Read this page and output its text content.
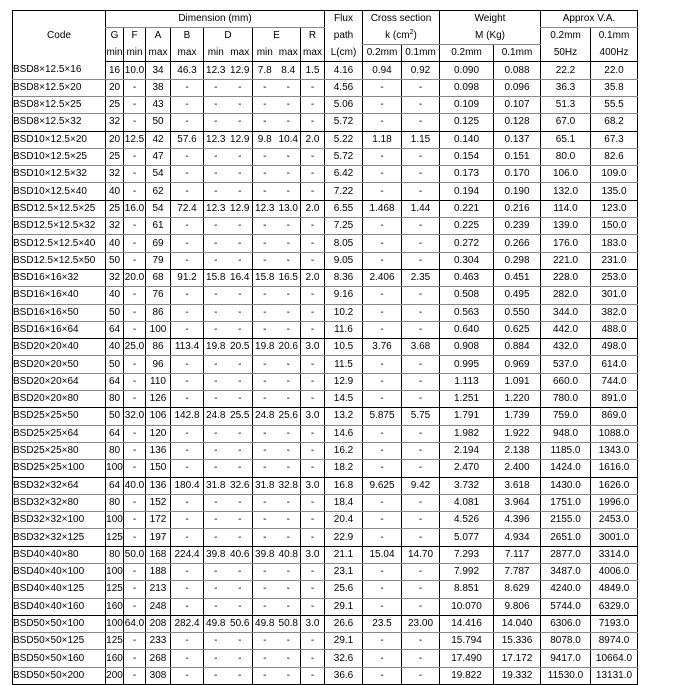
Code	Dimension (mm)									Flux	Cross section		Weight		Approx V.A.	
	G	F	A	B	D		E		R	path	k $(cm^2)$		M (Kg)		0.2mm	0.1mm
	min	min	max	max	min	max	min	max	max	L(cm)	0.2mm	0.1mm	0.2mm	0.1mm	50Hz	400Hz
BSD8×12.5×16	16	10.0	34	46.3	12.3	12.9	7.8	8.4	1.5	4.16	0.94	0.92	0.090	0.088	22.2	22.0
BSD8×12.5×20	20	-	38	-	-	-	-	-	-	4.56	-	-	0.098	0.096	36.3	35.8
BSD8×12.5×25	25	-	43	-	-	-	-	-	-	5.06	-	-	0.109	0.107	51.3	55.5
BSD8×12.5×32	32	-	50	-	-	-	-	-	-	5.72	-	-	0.125	0.128	67.0	68.2
BSD10×12.5×20	20	12.5	42	57.6	12.3	12.9	9.8	10.4	2.0	5.22	1.18	1.15	0.140	0.137	65.1	67.3
BSD10×12.5×25	25	-	47	-	-	-	-	-	-	5.72	-	-	0.154	0.151	80.0	82.6
BSD10×12.5×32	32	-	54	-	-	-	-	-	-	6.42	-	-	0.173	0.170	106.0	109.0
BSD10×12.5×40	40	-	62	-	-	-	-	-	-	7.22	-	-	0.194	0.190	132.0	135.0
BSD12.5×12.5×25	25	16.0	54	72.4	12.3	12.9	12.3	13.0	2.0	6.55	1.468	1.44	0.221	0.216	114.0	123.0
BSD12.5×12.5×32	32	-	61	-	-	-	-	-	-	7.25	-	-	0.225	0.239	139.0	150.0
BSD12.5×12.5×40	40	-	69	-	-	-	-	-	-	8.05	-	-	0.272	0.266	176.0	183.0
BSD12.5×12.5×50	50	-	79	-	-	-	-	-	-	9.05	-	-	0.304	0.298	221.0	231.0
BSD16×16×32	32	20.0	68	91.2	15.8	16.4	15.8	16.5	2.0	8.36	2.406	2.35	0.463	0.451	228.0	253.0
BSD16×16×40	40	-	76	-	-	-	-	-	-	9.16	-	-	0.508	0.495	282.0	301.0
BSD16×16×50	50	-	86	-	-	-	-	-	-	10.2	-	-	0.563	0.550	344.0	382.0
BSD16×16×64	64	-	100	-	-	-	-	-	-	11.6	-	-	0.640	0.625	442.0	488.0
BSD20×20×40	40	25.0	86	113.4	19.8	20.5	19.8	20.6	3.0	10.5	3.76	3.68	0.908	0.884	432.0	498.0
BSD20×20×50	50	-	96	-	-	-	-	-	-	11.5	-	-	0.995	0.969	537.0	614.0
BSD20×20×64	64	-	110	-	-	-	-	-	-	12.9	-	-	1.113	1.091	660.0	744.0
BSD20×20×80	80	-	126	-	-	-	-	-	-	14.5	-	-	1.251	1.220	780.0	891.0
BSD25×25×50	50	32.0	106	142.8	24.8	25.5	24.8	25.6	3.0	13.2	5.875	5.75	1.791	1.739	759.0	869.0
BSD25×25×64	64	-	120	-	-	-	-	-	-	14.6	-	-	1.982	1.922	948.0	1088.0
BSD25×25×80	80	-	136	-	-	-	-	-	-	16.2	-	-	2.194	2.138	1185.0	1343.0
BSD25×25×100	100	-	150	-	-	-	-	-	-	18.2	-	-	2.470	2.400	1424.0	1616.0
BSD32×32×64	64	40.0	136	180.4	31.8	32.6	31.8	32.8	3.0	16.8	9.625	9.42	3.732	3.618	1430.0	1626.0
BSD32×32×80	80	-	152	-	-	-	-	-	-	18.4	-	-	4.081	3.964	1751.0	1996.0
BSD32×32×100	100	-	172	-	-	-	-	-	-	20.4	-	-	4.526	4.396	2155.0	2453.0
BSD32×32×125	125	-	197	-	-	-	-	-	-	22.9	-	-	5.077	4.934	2651.0	3001.0
BSD40×40×80	80	50.0	168	224.4	39.8	40.6	39.8	40.8	3.0	21.1	15.04	14.70	7.293	7.117	2877.0	3314.0
BSD40×40×100	100	-	188	-	-	-	-	-	-	23.1	-	-	7.992	7.787	3487.0	4006.0
BSD40×40×125	125	-	213	-	-	-	-	-	-	25.6	-	-	8.851	8.629	4240.0	4849.0
BSD40×40×160	160	-	248	-	-	-	-	-	-	29.1	-	-	10.070	9.806	5744.0	6329.0
BSD50×50×100	100	64.0	208	282.4	49.8	50.6	49.8	50.8	3.0	26.6	23.5	23.00	14.416	14.040	6306.0	7193.0
BSD50×50×125	125	-	233	-	-	-	-	-	-	29.1	-	-	15.794	15.336	8078.0	8974.0
BSD50×50×160	160	-	268	-	-	-	-	-	-	32.6	-	-	17.490	17.172	9417.0	10664.0
BSD50×50×200	200	-	308	-	-	-	-	-	-	36.6	-	-	19.822	19.332	11530.0	13131.0
